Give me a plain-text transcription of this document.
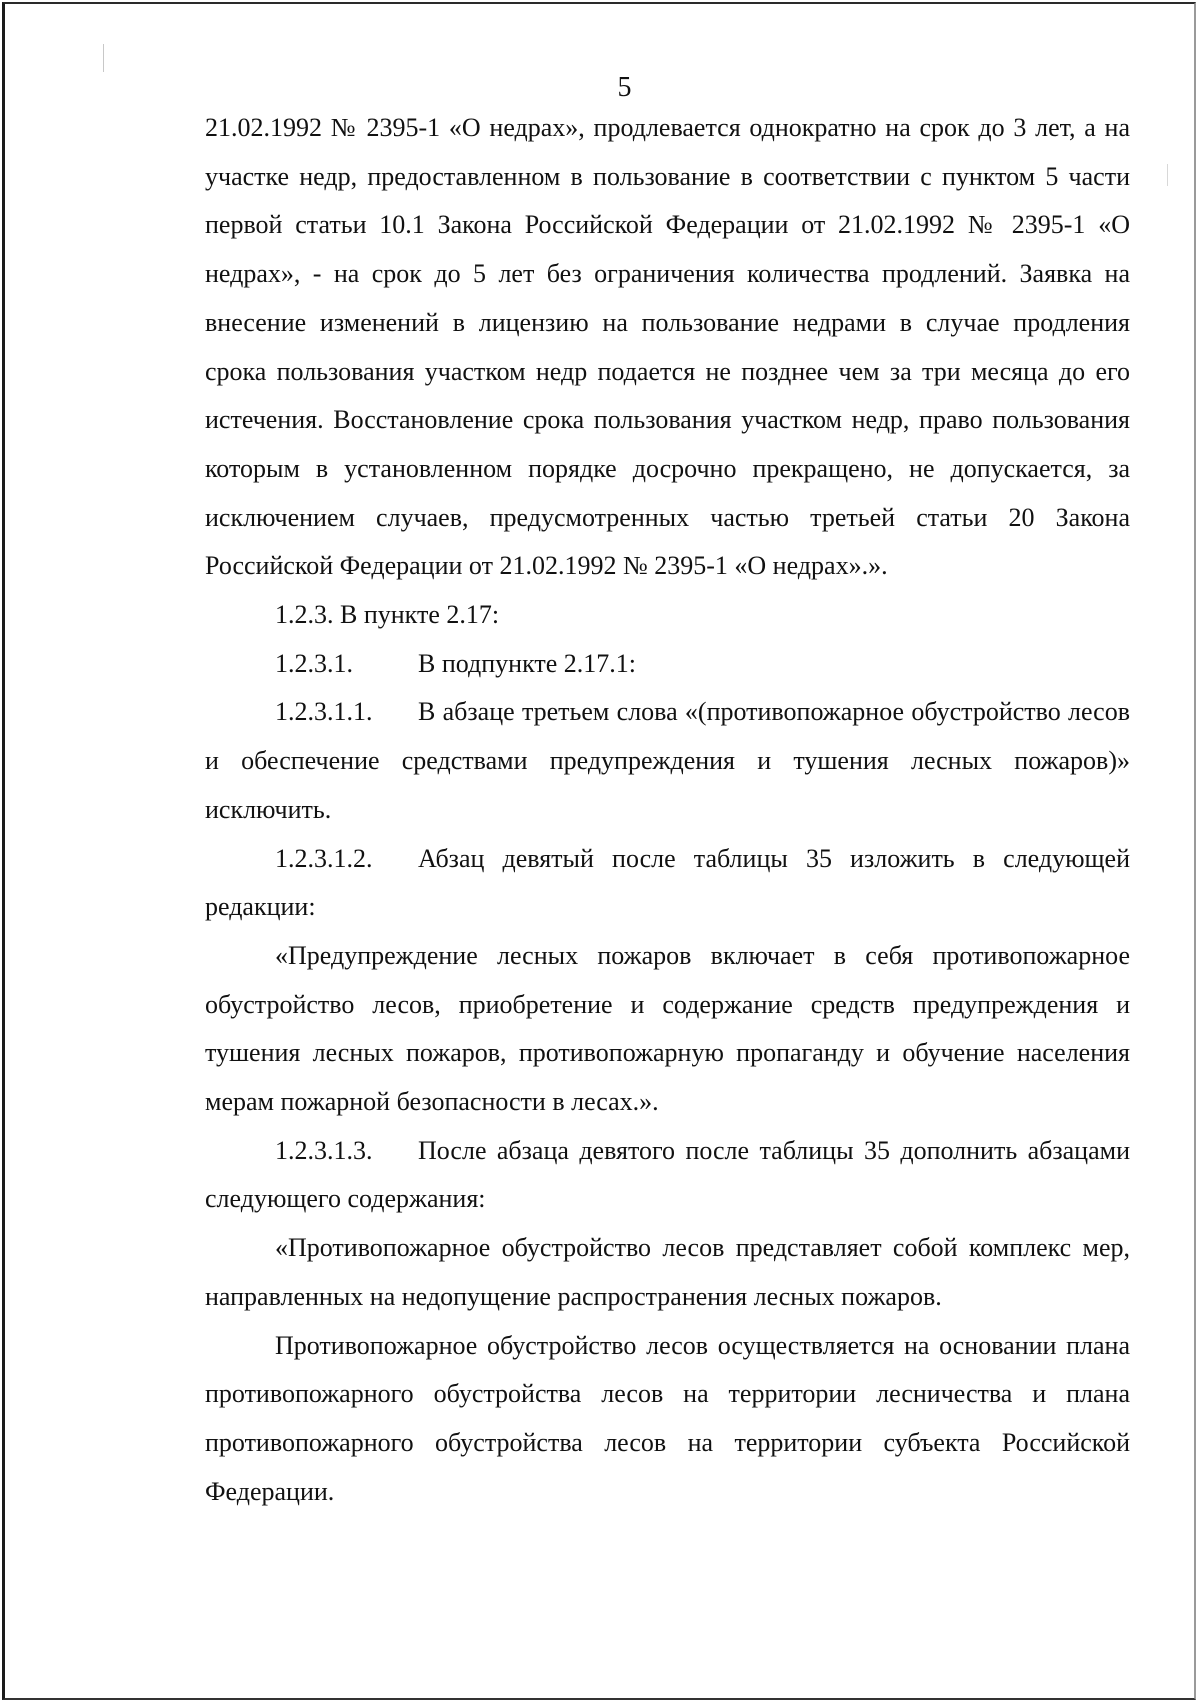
5

21.02.1992 № 2395-1 «О недрах», продлевается однократно на срок до 3 лет, а на участке недр, предоставленном в пользование в соответствии с пунктом 5 части первой статьи 10.1 Закона Российской Федерации от 21.02.1992 № 2395-1 «О недрах», - на срок до 5 лет без ограничения количества продлений. Заявка на внесение изменений в лицензию на пользование недрами в случае продления срока пользования участком недр подается не позднее чем за три месяца до его истечения. Восстановление срока пользования участком недр, право пользования которым в установленном порядке досрочно прекращено, не допускается, за исключением случаев, предусмотренных частью третьей статьи 20 Закона Российской Федерации от 21.02.1992 № 2395-1 «О недрах».».

1.2.3. В пункте 2.17:

1.2.3.1.	В подпункте 2.17.1:

1.2.3.1.1. В абзаце третьем слова «(противопожарное обустройство лесов и обеспечение средствами предупреждения и тушения лесных пожаров)» исключить.

1.2.3.1.2. Абзац девятый после таблицы 35 изложить в следующей редакции:

«Предупреждение лесных пожаров включает в себя противопожарное обустройство лесов, приобретение и содержание средств предупреждения и тушения лесных пожаров, противопожарную пропаганду и обучение населения мерам пожарной безопасности в лесах.».

1.2.3.1.3. После абзаца девятого после таблицы 35 дополнить абзацами следующего содержания:

«Противопожарное обустройство лесов представляет собой комплекс мер, направленных на недопущение распространения лесных пожаров.

Противопожарное обустройство лесов осуществляется на основании плана противопожарного обустройства лесов на территории лесничества и плана противопожарного обустройства лесов на территории субъекта Российской Федерации.
